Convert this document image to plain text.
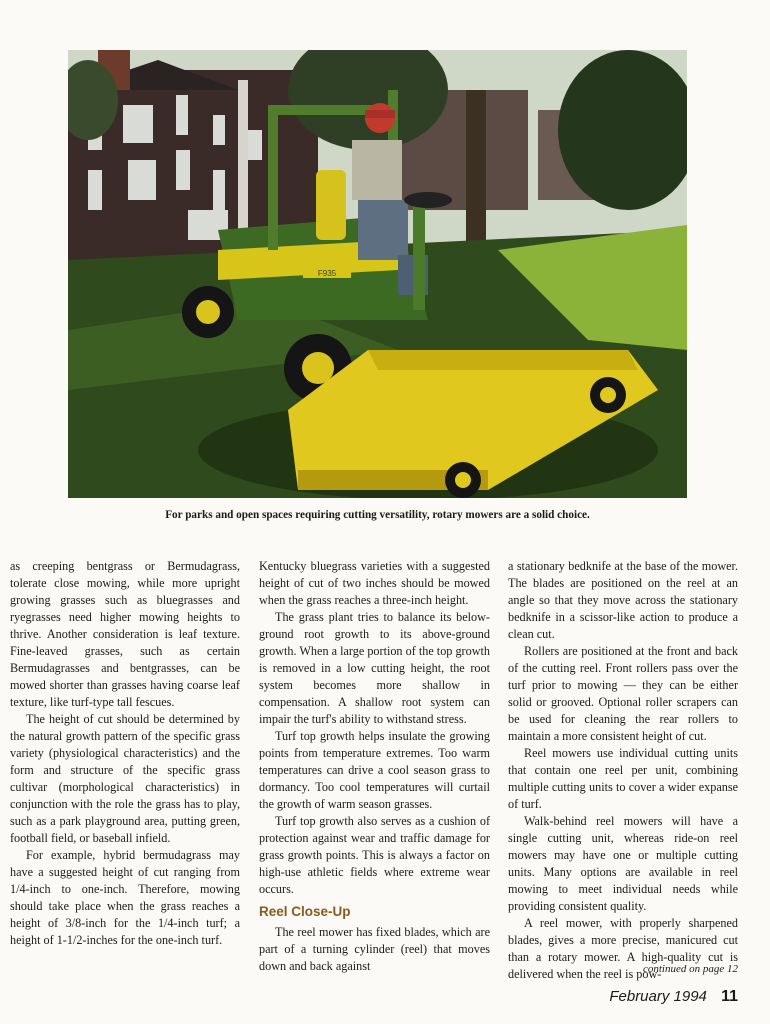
F935
For parks and open spaces requiring cutting versatility, rotary mowers are a solid choice.

as creeping bentgrass or Bermudagrass, tolerate close mowing, while more upright growing grasses such as bluegrasses and ryegrasses need higher mowing heights to thrive. Another consideration is leaf texture. Fine-leaved grasses, such as certain Bermudagrasses and bentgrasses, can be mowed shorter than grasses having coarse leaf texture, like turf-type tall fescues.

The height of cut should be determined by the natural growth pattern of the specific grass variety (physiological characteristics) and the form and structure of the specific grass cultivar (morphological characteristics) in conjunction with the role the grass has to play, such as a park playground area, putting green, football field, or baseball infield.

For example, hybrid bermudagrass may have a suggested height of cut ranging from 1/4-inch to one-inch. Therefore, mowing should take place when the grass reaches a height of 3/8-inch for the 1/4-inch turf; a height of 1-1/2-inches for the one-inch turf.

Kentucky bluegrass varieties with a suggested height of cut of two inches should be mowed when the grass reaches a three-inch height.

The grass plant tries to balance its below-ground root growth to its above-ground growth. When a large portion of the top growth is removed in a low cutting height, the root system becomes more shallow in compensation. A shallow root system can impair the turf's ability to withstand stress.

Turf top growth helps insulate the growing points from temperature extremes. Too warm temperatures can drive a cool season grass to dormancy. Too cool temperatures will curtail the growth of warm season grasses.

Turf top growth also serves as a cushion of protection against wear and traffic damage for grass growth points. This is always a factor on high-use athletic fields where extreme wear occurs.

Reel Close-Up

The reel mower has fixed blades, which are part of a turning cylinder (reel) that moves down and back against

a stationary bedknife at the base of the mower. The blades are positioned on the reel at an angle so that they move across the stationary bedknife in a scissor-like action to produce a clean cut.

Rollers are positioned at the front and back of the cutting reel. Front rollers pass over the turf prior to mowing — they can be either solid or grooved. Optional roller scrapers can be used for cleaning the rear rollers to maintain a more consistent height of cut.

Reel mowers use individual cutting units that contain one reel per unit, combining multiple cutting units to cover a wider expanse of turf.

Walk-behind reel mowers will have a single cutting unit, whereas ride-on reel mowers may have one or multiple cutting units. Many options are available in reel mowing to meet individual needs while providing consistent quality.

A reel mower, with properly sharpened blades, gives a more precise, manicured cut than a rotary mower. A high-quality cut is delivered when the reel is pow-

continued on page 12
February 1994 11
